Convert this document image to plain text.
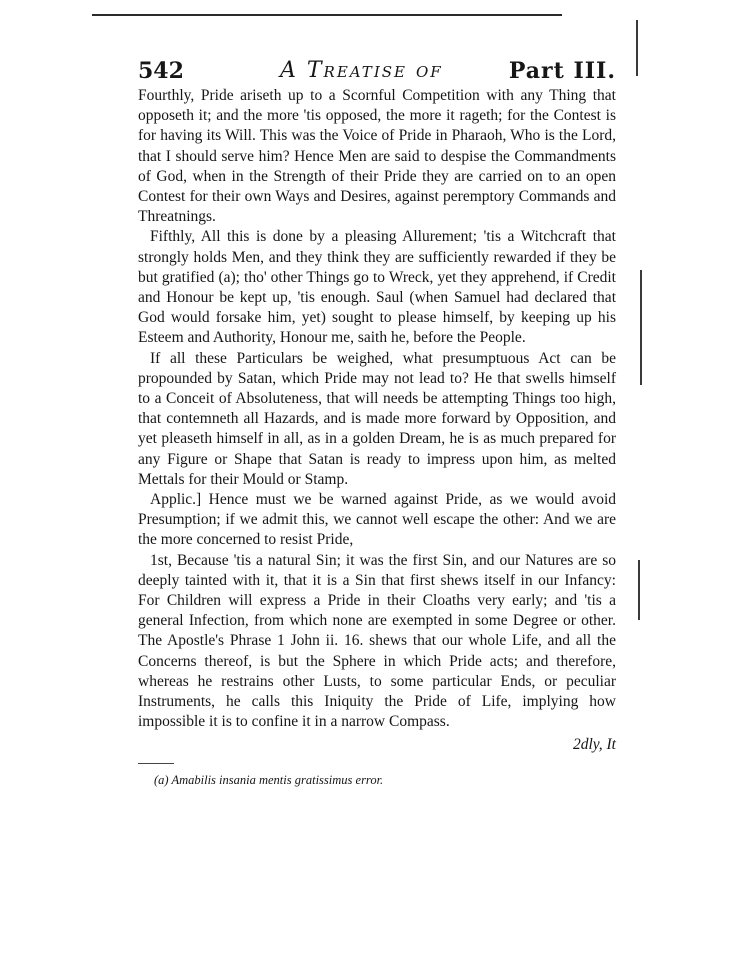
542	A Treatise of	Part III.

Fourthly, Pride ariseth up to a Scornful Competition with any Thing that opposeth it; and the more 'tis opposed, the more it rageth; for the Contest is for having its Will. This was the Voice of Pride in Pharaoh, Who is the Lord, that I should serve him? Hence Men are said to despise the Commandments of God, when in the Strength of their Pride they are carried on to an open Contest for their own Ways and Desires, against peremptory Commands and Threatnings.

Fifthly, All this is done by a pleasing Allurement; 'tis a Witchcraft that strongly holds Men, and they think they are sufficiently rewarded if they be but gratified (a); tho' other Things go to Wreck, yet they apprehend, if Credit and Honour be kept up, 'tis enough. Saul (when Samuel had declared that God would forsake him, yet) sought to please himself, by keeping up his Esteem and Authority, Honour me, saith he, before the People.

If all these Particulars be weighed, what presumptuous Act can be propounded by Satan, which Pride may not lead to? He that swells himself to a Conceit of Absoluteness, that will needs be attempting Things too high, that contemneth all Hazards, and is made more forward by Opposition, and yet pleaseth himself in all, as in a golden Dream, he is as much prepared for any Figure or Shape that Satan is ready to impress upon him, as melted Mettals for their Mould or Stamp.

Applic.] Hence must we be warned against Pride, as we would avoid Presumption; if we admit this, we cannot well escape the other: And we are the more concerned to resist Pride,

1st, Because 'tis a natural Sin; it was the first Sin, and our Natures are so deeply tainted with it, that it is a Sin that first shews itself in our Infancy: For Children will express a Pride in their Cloaths very early; and 'tis a general Infection, from which none are exempted in some Degree or other. The Apostle's Phrase 1 John ii. 16. shews that our whole Life, and all the Concerns thereof, is but the Sphere in which Pride acts; and therefore, whereas he restrains other Lusts, to some particular Ends, or peculiar Instruments, he calls this Iniquity the Pride of Life, implying how impossible it is to confine it in a narrow Compass.

2dly, It
(a) Amabilis insania mentis gratissimus error.
